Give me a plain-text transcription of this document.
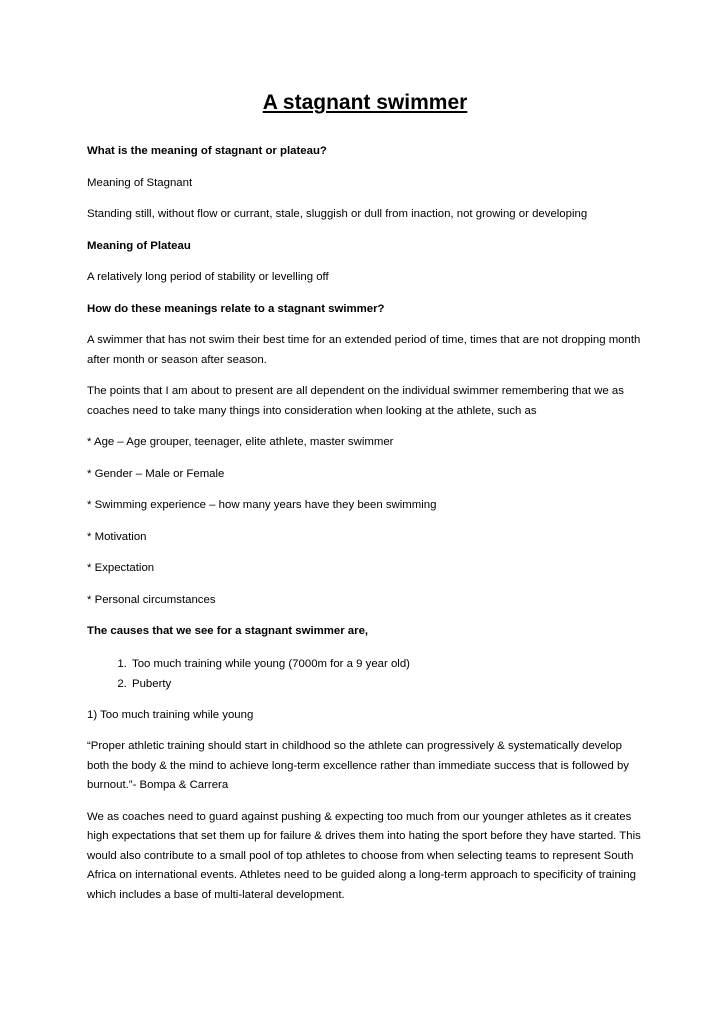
A stagnant swimmer

What is the meaning of stagnant or plateau?

Meaning of Stagnant

Standing still, without flow or currant, stale, sluggish or dull from inaction, not growing or developing

Meaning of Plateau

A relatively long period of stability or levelling off

How do these meanings relate to a stagnant swimmer?

A swimmer that has not swim their best time for an extended period of time, times that are not dropping month after month or season after season.

The points that I am about to present are all dependent on the individual swimmer remembering that we as coaches need to take many things into consideration when looking at the athlete, such as

* Age – Age grouper, teenager, elite athlete, master swimmer

* Gender – Male or Female

* Swimming experience – how many years have they been swimming

* Motivation

* Expectation

* Personal circumstances

The causes that we see for a stagnant swimmer are,

1. Too much training while young (7000m for a 9 year old)
2. Puberty

1) Too much training while young

“Proper athletic training should start in childhood so the athlete can progressively & systematically develop both the body & the mind to achieve long-term excellence rather than immediate success that is followed by burnout.”- Bompa & Carrera

We as coaches need to guard against pushing & expecting too much from our younger athletes as it creates high expectations that set them up for failure & drives them into hating the sport before they have started. This would also contribute to a small pool of top athletes to choose from when selecting teams to represent South Africa on international events. Athletes need to be guided along a long-term approach to specificity of training which includes a base of multi-lateral development.
